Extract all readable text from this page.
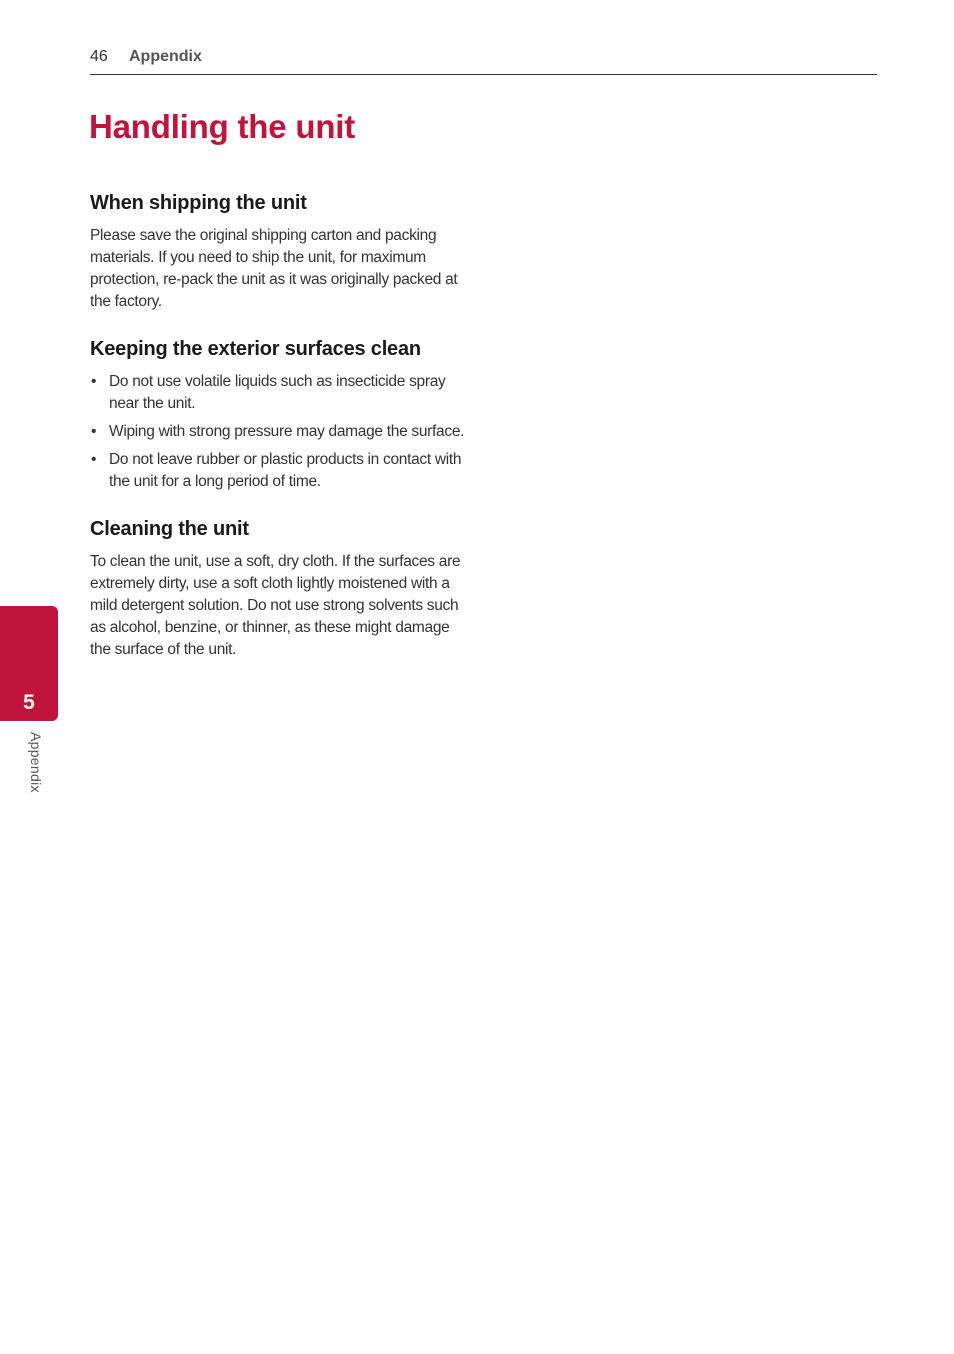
46 Appendix
Handling the unit
When shipping the unit

Please save the original shipping carton and packing materials. If you need to ship the unit, for maximum protection, re-pack the unit as it was originally packed at the factory.

Keeping the exterior surfaces clean
• Do not use volatile liquids such as insecticide spray near the unit.
• Wiping with strong pressure may damage the surface.
• Do not leave rubber or plastic products in contact with the unit for a long period of time.
Cleaning the unit

To clean the unit, use a soft, dry cloth. If the surfaces are extremely dirty, use a soft cloth lightly moistened with a mild detergent solution. Do not use strong solvents such as alcohol, benzine, or thinner, as these might damage the surface of the unit.

5
Appendix
